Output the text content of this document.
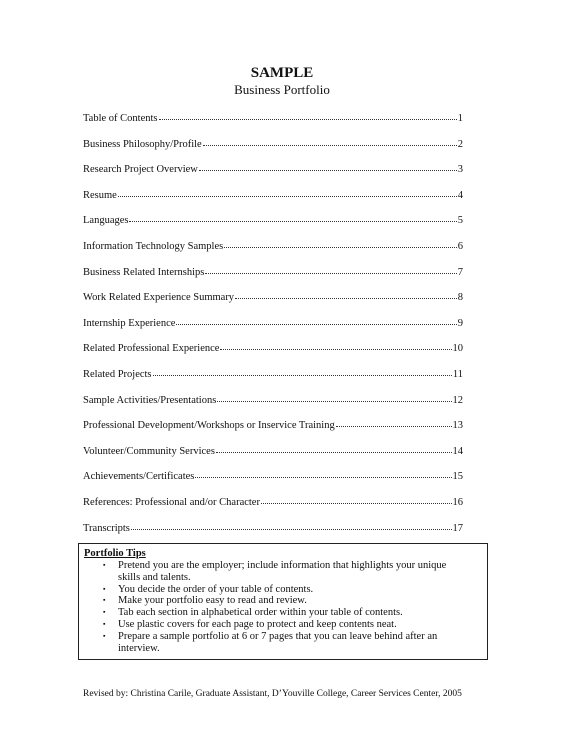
SAMPLE
Business Portfolio
Table of Contents	1
Business Philosophy/Profile	2
Research Project Overview	3
Resume	4
Languages	5
Information Technology Samples	6
Business Related Internships	7
Work Related Experience Summary	8
Internship Experience	9
Related Professional Experience	10
Related Projects	11
Sample Activities/Presentations	12
Professional Development/Workshops or Inservice Training	13
Volunteer/Community Services	14
Achievements/Certificates	15
References: Professional and/or Character	16
Transcripts	17
Portfolio Tips
▪ Pretend you are the employer; include information that highlights your unique skills and talents.
▪ You decide the order of your table of contents.
▪ Make your portfolio easy to read and review.
▪ Tab each section in alphabetical order within your table of contents.
▪ Use plastic covers for each page to protect and keep contents neat.
▪ Prepare a sample portfolio at 6 or 7 pages that you can leave behind after an interview.
Revised by: Christina Carile, Graduate Assistant, D’Youville College, Career Services Center, 2005
